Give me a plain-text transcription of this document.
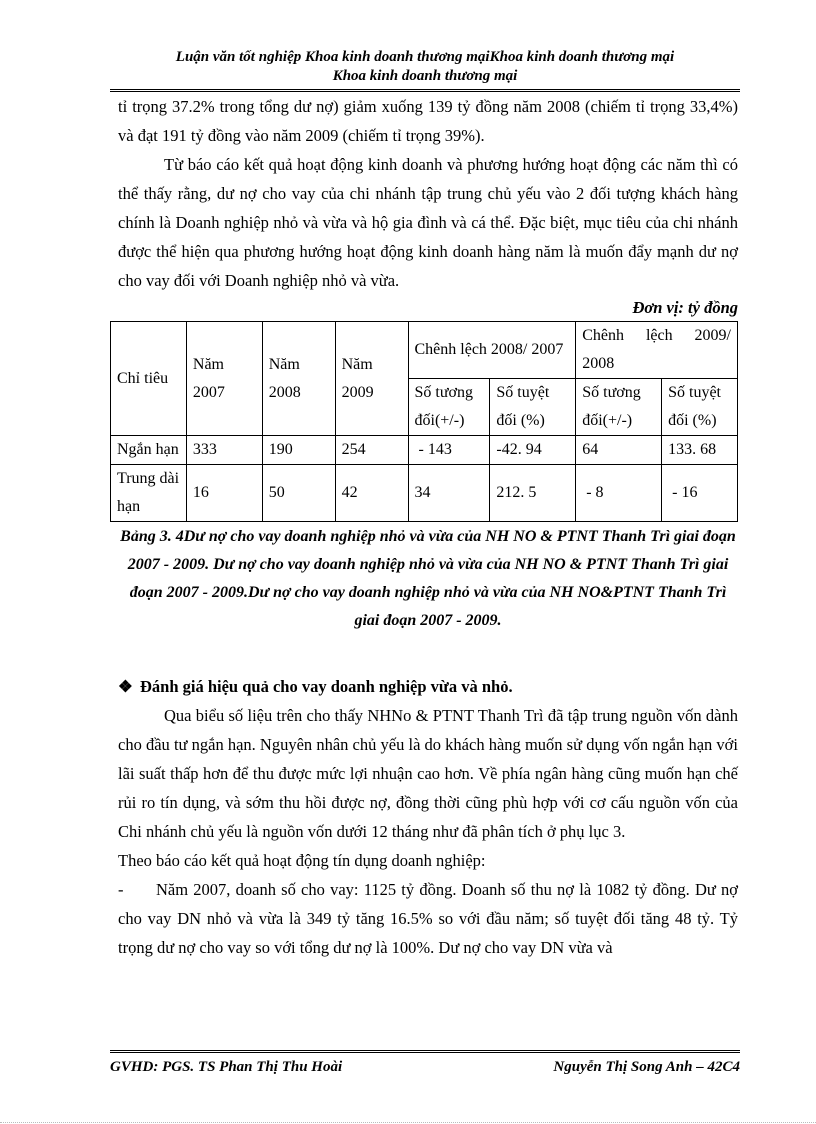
Luận văn tốt nghiệp Khoa kinh doanh thương mạiKhoa kinh doanh thương mại
Khoa kinh doanh thương mại

tỉ trọng 37.2% trong tổng dư nợ) giảm xuống 139 tỷ đồng năm 2008 (chiếm tỉ trọng 33,4%) và đạt 191 tỷ đồng vào năm 2009 (chiếm tỉ trọng 39%).

Từ báo cáo kết quả hoạt động kinh doanh và phương hướng hoạt động các năm thì có thể thấy rằng, dư nợ cho vay của chi nhánh tập trung chủ yếu vào 2 đối tượng khách hàng chính là Doanh nghiệp nhỏ và vừa và hộ gia đình và cá thể. Đặc biệt, mục tiêu của chi nhánh được thể hiện qua phương hướng hoạt động kinh doanh hàng năm là muốn đẩy mạnh dư nợ cho vay đối với Doanh nghiệp nhỏ và vừa.

Đơn vị: tỷ đồng
Chỉ tiêu	Năm 2007	Năm 2008	Năm 2009	Chênh lệch 2008/ 2007		Chênh lệch 2009/ 2008	
				Số tương đối(+/-)	Số tuyệt đối (%)	Số tương đối(+/-)	Số tuyệt đối (%)
Ngắn hạn	333	190	254	- 143	-42. 94	64	133. 68
Trung dài hạn	16	50	42	34	212. 5	- 8	- 16
Bảng 3. 4Dư nợ cho vay doanh nghiệp nhỏ và vừa của NH NO & PTNT Thanh Trì giai đoạn 2007 - 2009. Dư nợ cho vay doanh nghiệp nhỏ và vừa của NH NO & PTNT Thanh Trì giai đoạn 2007 - 2009.Dư nợ cho vay doanh nghiệp nhỏ và vừa của NH NO&PTNT Thanh Trì giai đoạn 2007 - 2009.
❖ Đánh giá hiệu quả cho vay doanh nghiệp vừa và nhỏ.

Qua biểu số liệu trên cho thấy NHNo & PTNT Thanh Trì đã tập trung nguồn vốn dành cho đầu tư ngắn hạn. Nguyên nhân chủ yếu là do khách hàng muốn sử dụng vốn ngắn hạn với lãi suất thấp hơn để thu được mức lợi nhuận cao hơn. Về phía ngân hàng cũng muốn hạn chế rủi ro tín dụng, và sớm thu hồi được nợ, đồng thời cũng phù hợp với cơ cấu nguồn vốn của Chi nhánh chủ yếu là nguồn vốn dưới 12 tháng như đã phân tích ở phụ lục 3.

Theo báo cáo kết quả hoạt động tín dụng doanh nghiệp:

- Năm 2007, doanh số cho vay: 1125 tỷ đồng. Doanh số thu nợ là 1082 tỷ đồng. Dư nợ cho vay DN nhỏ và vừa là 349 tỷ tăng 16.5% so với đầu năm; số tuyệt đối tăng 48 tỷ. Tỷ trọng dư nợ cho vay so với tổng dư nợ là 100%. Dư nợ cho vay DN vừa và

GVHD: PGS. TS Phan Thị Thu Hoài	Nguyễn Thị Song Anh – 42C4
